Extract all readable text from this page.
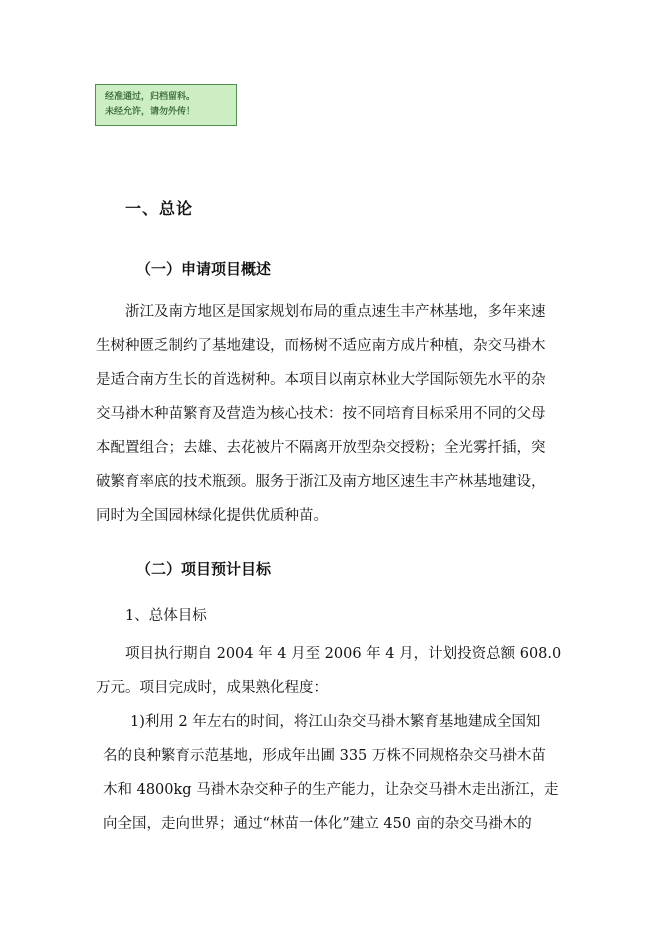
经准通过，归档留科。
未经允许，请勿外传！
一、总论
（一）申请项目概述
浙江及南方地区是国家规划布局的重点速生丰产林基地，多年来速
生树种匮乏制约了基地建设，而杨树不适应南方成片种植，杂交马褂木
是适合南方生长的首选树种。本项目以南京林业大学国际领先水平的杂
交马褂木种苗繁育及营造为核心技术：按不同培育目标采用不同的父母
本配置组合；去雄、去花被片不隔离开放型杂交授粉；全光雾扦插，突
破繁育率底的技术瓶颈。服务于浙江及南方地区速生丰产林基地建设，
同时为全国园林绿化提供优质种苗。
（二）项目预计目标
1、总体目标
项目执行期自 2004 年 4 月至 2006 年 4 月，计划投资总额 608.0
万元。项目完成时，成果熟化程度：
1)利用 2 年左右的时间，将江山杂交马褂木繁育基地建成全国知
名的良种繁育示范基地，形成年出圃 335 万株不同规格杂交马褂木苗
木和 4800kg 马褂木杂交种子的生产能力，让杂交马褂木走出浙江，走
向全国，走向世界；通过“林苗一体化”建立 450 亩的杂交马褂木的
